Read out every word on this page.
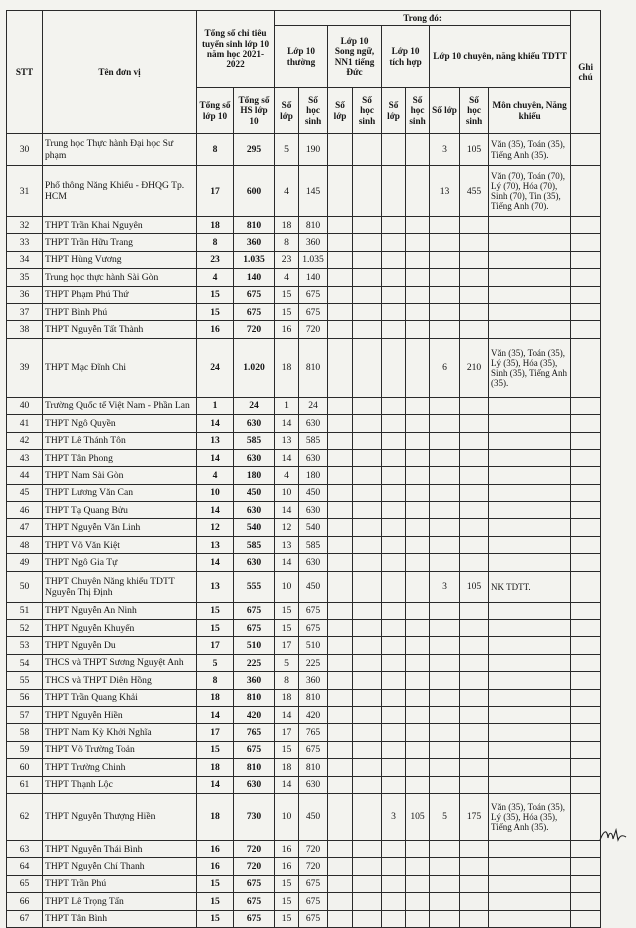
STT	Tên đơn vị	Tổng số chỉ tiêu tuyển sinh lớp 10 năm học 2021-2022		Trong đó:									Ghi chú
				Lớp 10 thường		Lớp 10 Song ngữ, NN1 tiếng Đức		Lớp 10 tích hợp		Lớp 10 chuyên, năng khiếu TDTT			
		Tổng số lớp 10	Tổng số HS lớp 10	Số lớp	Số học sinh	Số lớp	Số học sinh	Số lớp	Số học sinh	Số lớp	Số học sinh	Môn chuyên, Năng khiếu	
30	Trung học Thực hành Đại học Sư phạm	8	295	5	190					3	105	Văn (35), Toán (35), Tiếng Anh (35).	
31	Phổ thông Năng Khiếu - ĐHQG Tp. HCM	17	600	4	145					13	455	Văn (70), Toán (70), Lý (70), Hóa (70), Sinh (70), Tin (35), Tiếng Anh (70).	
32	THPT Trần Khai Nguyên	18	810	18	810								
33	THPT Trần Hữu Trang	8	360	8	360								
34	THPT Hùng Vương	23	1.035	23	1.035								
35	Trung học thực hành Sài Gòn	4	140	4	140								
36	THPT Phạm Phú Thứ	15	675	15	675								
37	THPT Bình Phú	15	675	15	675								
38	THPT Nguyễn Tất Thành	16	720	16	720								
39	THPT Mạc Đĩnh Chi	24	1.020	18	810					6	210	Văn (35), Toán (35), Lý (35), Hóa (35), Sinh (35), Tiếng Anh (35).	
40	Trường Quốc tế Việt Nam - Phần Lan	1	24	1	24								
41	THPT Ngô Quyền	14	630	14	630								
42	THPT Lê Thánh Tôn	13	585	13	585								
43	THPT Tân Phong	14	630	14	630								
44	THPT Nam Sài Gòn	4	180	4	180								
45	THPT Lương Văn Can	10	450	10	450								
46	THPT Tạ Quang Bửu	14	630	14	630								
47	THPT Nguyễn Văn Linh	12	540	12	540								
48	THPT Võ Văn Kiệt	13	585	13	585								
49	THPT Ngô Gia Tự	14	630	14	630								
50	THPT Chuyên Năng khiếu TDTT Nguyễn Thị Định	13	555	10	450					3	105	NK TDTT.	
51	THPT Nguyễn An Ninh	15	675	15	675								
52	THPT Nguyễn Khuyến	15	675	15	675								
53	THPT Nguyễn Du	17	510	17	510								
54	THCS và THPT Sương Nguyệt Anh	5	225	5	225								
55	THCS và THPT Diên Hồng	8	360	8	360								
56	THPT Trần Quang Khải	18	810	18	810								
57	THPT Nguyễn Hiền	14	420	14	420								
58	THPT Nam Kỳ Khởi Nghĩa	17	765	17	765								
59	THPT Võ Trường Toản	15	675	15	675								
60	THPT Trường Chinh	18	810	18	810								
61	THPT Thạnh Lộc	14	630	14	630								
62	THPT Nguyễn Thượng Hiền	18	730	10	450			3	105	5	175	Văn (35), Toán (35), Lý (35), Hóa (35), Tiếng Anh (35).	
63	THPT Nguyễn Thái Bình	16	720	16	720								
64	THPT Nguyễn Chí Thanh	16	720	16	720								
65	THPT Trần Phú	15	675	15	675								
66	THPT Lê Trọng Tấn	15	675	15	675								
67	THPT Tân Bình	15	675	15	675								
